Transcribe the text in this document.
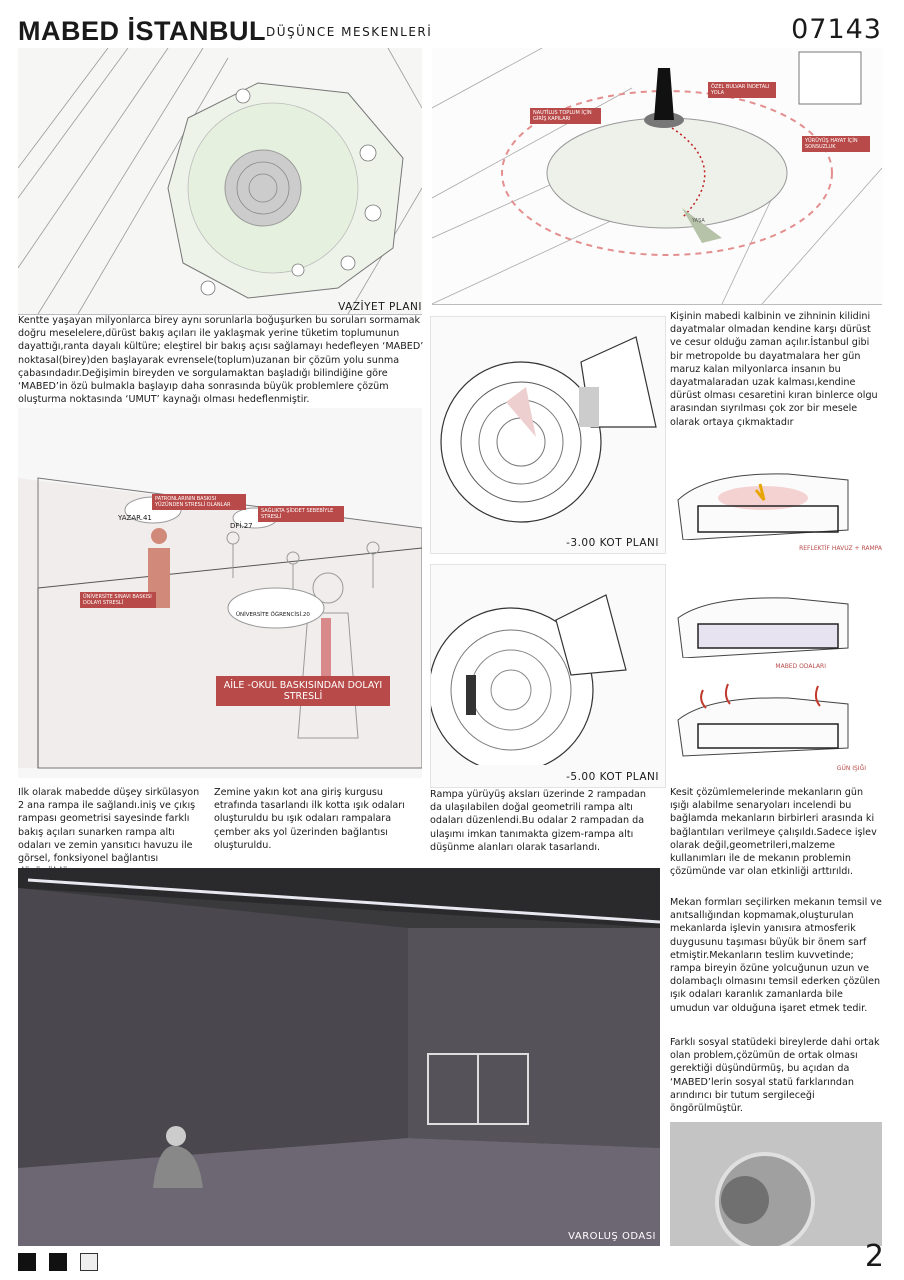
MABED İSTANBUL DÜŞÜNCE MESKENLERİ	07143
VAZİYET PLANI
NAUTİLUS TOPLUM İÇİN GİRİŞ KAPILARI
ÖZEL BULVAR İNDETALI YOLA
YÜRÜYÜŞ HAYAT İÇİN SONSUZLUK
YAŞA
Kentte yaşayan milyonlarca birey aynı sorunlarla boğuşurken bu soruları sormamak doğru meselelere,dürüst bakış açıları ile yaklaşmak yerine tüketim toplumunun dayattığı,ranta dayalı kültüre; eleştirel bir bakış açısı sağlamayı hedefleyen ‘MABED’ noktasal(birey)den başlayarak evrensele(toplum)uzanan bir çözüm yolu sunma çabasındadır.Değişimin bireyden ve sorgulamaktan başladığı bilindiğine göre ‘MABED’in özü bulmakla başlayıp daha sonrasında büyük problemlere çözüm oluşturma noktasında ‘UMUT’ kaynağı olması hedeflenmiştir.
Kişinin mabedi kalbinin ve zihninin kilidini dayatmalar olmadan kendine karşı dürüst ve cesur olduğu zaman açılır.İstanbul gibi bir metropolde bu dayatmalara her gün maruz kalan milyonlarca insanın bu dayatmalaradan uzak kalması,kendine dürüst olması cesaretini kıran binlerce olgu arasından sıyrılması çok zor bir mesele olarak ortaya çıkmaktadır
PATRONLARININ BASKISI YÜZÜNDEN STRESLİ OLANLAR
SAĞLIKTA ŞİDDET SEBEBİYLE STRESLİ
ÜNİVERSİTE SINAVI BASKISI DOLAYI STRESLİ
YAZAR.41
DFİ.27
ÜNİVERSİTE ÖĞRENCİSİ.20
AİLE -OKUL BASKISINDAN DOLAYI STRESLİ
-3.00 KOT PLANI
-5.00 KOT PLANI
REFLEKTİF HAVUZ + RAMPA
MABED ODALARI
GÜN IŞIĞI
Ilk olarak mabedde düşey sirkülasyon 2 ana rampa ile sağlandı.iniş ve çıkış rampası geometrisi sayesinde farklı bakış açıları sunarken rampa altı odaları ve zemin yansıtıcı havuzu ile görsel, fonksiyonel bağlantısı
Zemine yakın kot ana giriş kurgusu etrafında tasarlandı ilk kotta ışık odaları oluşturuldu bu ışık odaları rampalara çember aks yol üzerinden bağlantısı oluşturuldu.
Rampa yürüyüş aksları üzerinde 2 rampadan da ulaşılabilen doğal geometrili rampa altı odaları düzenlendi.Bu odalar 2 rampadan da ulaşımı imkan tanımakta gizem-rampa altı düşünme alanları olarak tasarlandı.
Kesit çözümlemelerinde mekanların gün ışığı alabilme senaryoları incelendi bu bağlamda mekanların birbirleri arasında ki bağlantıları verilmeye çalışıldı.Sadece işlev olarak değil,geometrileri,malzeme kullanımları ile de mekanın problemin çözümünde var olan etkinliği arttırıldı.
Mekan formları seçilirken mekanın temsil ve anıtsallığından kopmamak,oluşturulan mekanlarda işlevin yanısıra atmosferik duygusunu taşıması büyük bir önem sarf etmiştir.Mekanların teslim kuvvetinde; rampa bireyin özüne yolcuğunun uzun ve dolambaçlı olmasını temsil ederken çözülen ışık odaları karanlık zamanlarda bile umudun var olduğuna işaret etmek tedir.
Farklı sosyal statüdeki bireylerde dahi ortak olan problem,çözümün de ortak olması gerektiği düşündürmüş, bu açıdan da ‘MABED’lerin sosyal statü farklarından arındırıcı bir tutum sergileceği öngörülmüştür.
VAROLUŞ ODASI
2
